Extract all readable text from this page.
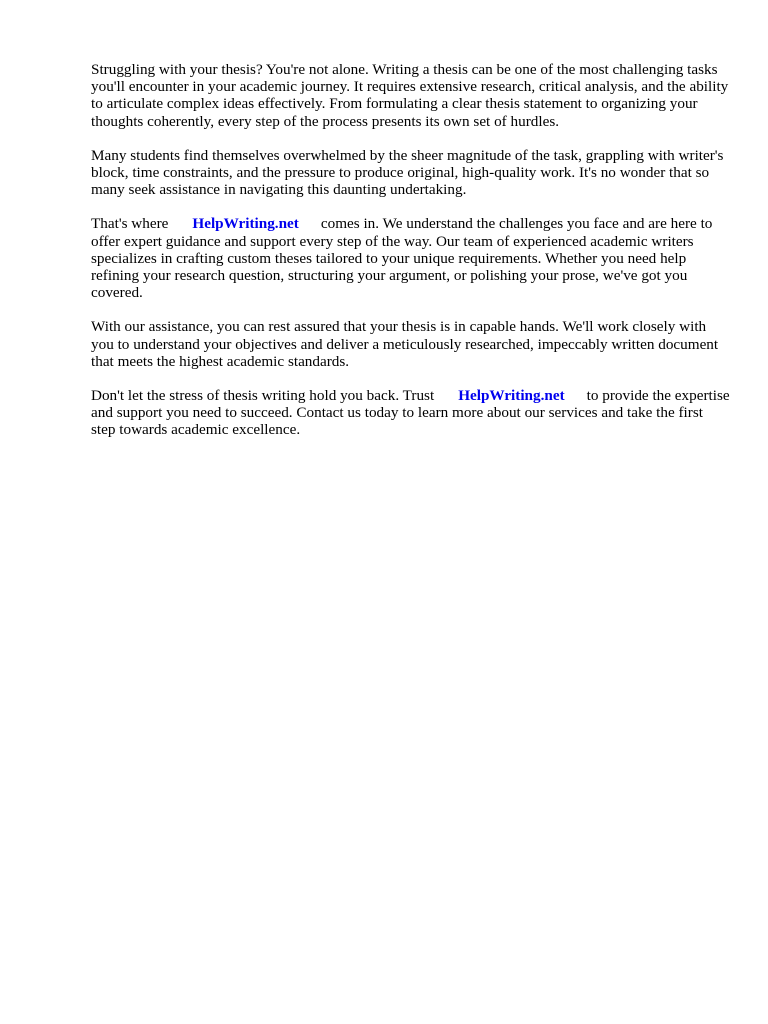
Struggling with your thesis? You're not alone. Writing a thesis can be one of the most challenging tasks you'll encounter in your academic journey. It requires extensive research, critical analysis, and the ability to articulate complex ideas effectively. From formulating a clear thesis statement to organizing your thoughts coherently, every step of the process presents its own set of hurdles.

Many students find themselves overwhelmed by the sheer magnitude of the task, grappling with writer's block, time constraints, and the pressure to produce original, high-quality work. It's no wonder that so many seek assistance in navigating this daunting undertaking.

That's where HelpWriting.net comes in. We understand the challenges you face and are here to offer expert guidance and support every step of the way. Our team of experienced academic writers specializes in crafting custom theses tailored to your unique requirements. Whether you need help refining your research question, structuring your argument, or polishing your prose, we've got you covered.

With our assistance, you can rest assured that your thesis is in capable hands. We'll work closely with you to understand your objectives and deliver a meticulously researched, impeccably written document that meets the highest academic standards.

Don't let the stress of thesis writing hold you back. Trust HelpWriting.net to provide the expertise and support you need to succeed. Contact us today to learn more about our services and take the first step towards academic excellence.
